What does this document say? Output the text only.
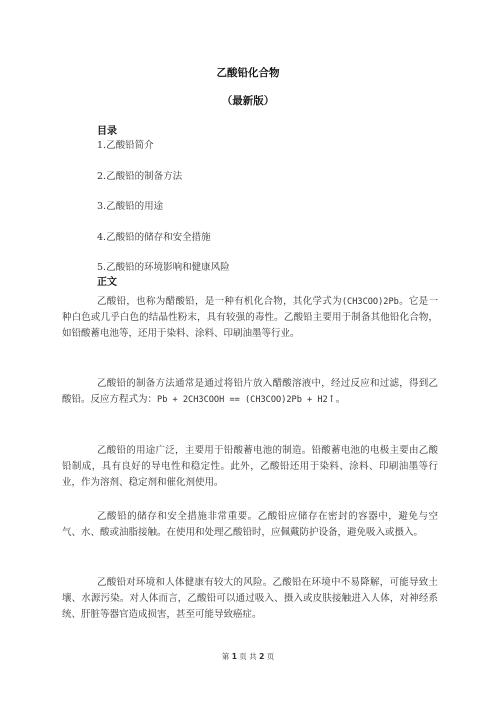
乙酸铅化合物
（最新版）
目录
1.乙酸铅简介
2.乙酸铅的制备方法
3.乙酸铅的用途
4.乙酸铅的储存和安全措施
5.乙酸铅的环境影响和健康风险
正文

乙酸铅，也称为醋酸铅，是一种有机化合物，其化学式为(CH3COO)2Pb。它是一种白色或几乎白色的结晶性粉末，具有较强的毒性。乙酸铅主要用于制备其他铅化合物，如铅酸蓄电池等，还用于染料、涂料、印刷油墨等行业。

乙酸铅的制备方法通常是通过将铅片放入醋酸溶液中，经过反应和过滤，得到乙酸铅。反应方程式为：Pb + 2CH3COOH == (CH3COO)2Pb + H2↑。

乙酸铅的用途广泛，主要用于铅酸蓄电池的制造。铅酸蓄电池的电极主要由乙酸铅制成，具有良好的导电性和稳定性。此外，乙酸铅还用于染料、涂料、印刷油墨等行业，作为溶剂、稳定剂和催化剂使用。

乙酸铅的储存和安全措施非常重要。乙酸铅应储存在密封的容器中，避免与空气、水、酸或油脂接触。在使用和处理乙酸铅时，应佩戴防护设备，避免吸入或摄入。

乙酸铅对环境和人体健康有较大的风险。乙酸铅在环境中不易降解，可能导致土壤、水源污染。对人体而言，乙酸铅可以通过吸入、摄入或皮肤接触进入人体，对神经系统、肝脏等器官造成损害，甚至可能导致癌症。

第 1 页 共 2 页
